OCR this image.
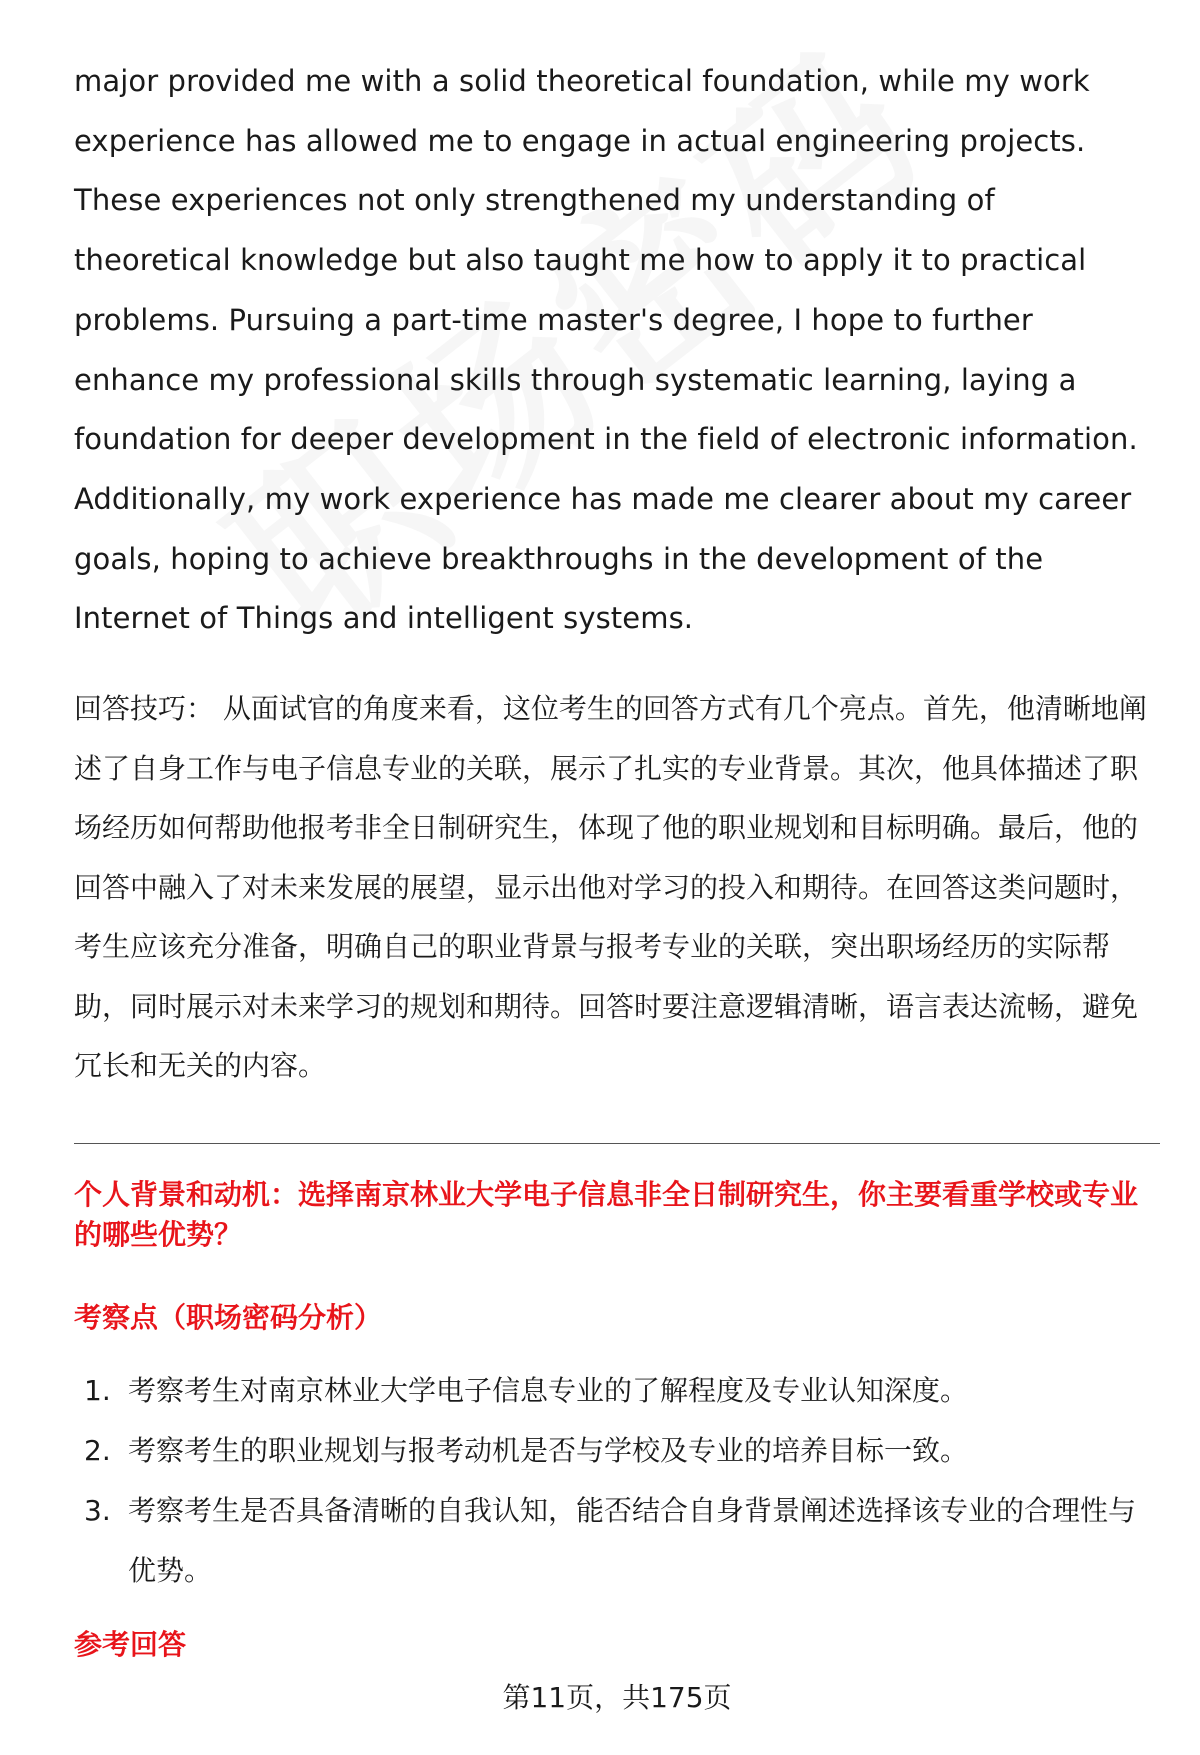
major provided me with a solid theoretical foundation, while my work experience has allowed me to engage in actual engineering projects. These experiences not only strengthened my understanding of theoretical knowledge but also taught me how to apply it to practical problems. Pursuing a part-time master's degree, I hope to further enhance my professional skills through systematic learning, laying a foundation for deeper development in the field of electronic information. Additionally, my work experience has made me clearer about my career goals, hoping to achieve breakthroughs in the development of the Internet of Things and intelligent systems.

回答技巧： 从面试官的角度来看，这位考生的回答方式有几个亮点。首先，他清晰地阐述了自身工作与电子信息专业的关联，展示了扎实的专业背景。其次，他具体描述了职场经历如何帮助他报考非全日制研究生，体现了他的职业规划和目标明确。最后，他的回答中融入了对未来发展的展望，显示出他对学习的投入和期待。在回答这类问题时，考生应该充分准备，明确自己的职业背景与报考专业的关联，突出职场经历的实际帮助，同时展示对未来学习的规划和期待。回答时要注意逻辑清晰，语言表达流畅，避免冗长和无关的内容。

个人背景和动机：选择南京林业大学电子信息非全日制研究生，你主要看重学校或专业的哪些优势？

考察点（职场密码分析）

1. 考察考生对南京林业大学电子信息专业的了解程度及专业认知深度。
2. 考察考生的职业规划与报考动机是否与学校及专业的培养目标一致。
3. 考察考生是否具备清晰的自我认知，能否结合自身背景阐述选择该专业的合理性与优势。

参考回答

第11页，共175页
